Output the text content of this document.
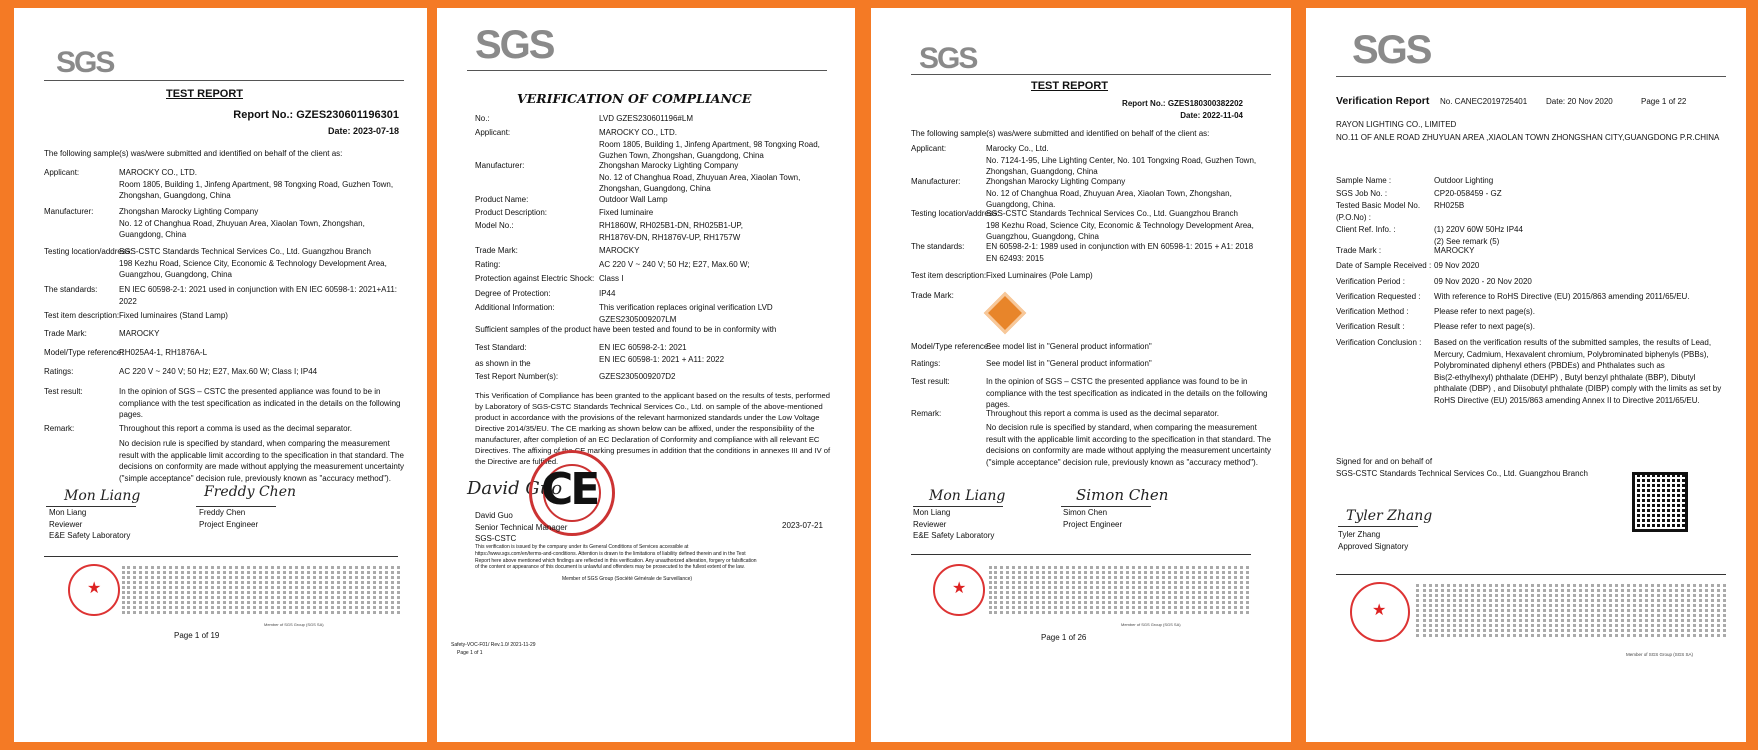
SGS
TEST REPORT
Report No.: GZES230601196301
Date: 2023-07-18
The following sample(s) was/were submitted and identified on behalf of the client as:
Applicant:	MAROCKY CO., LTD.
Room 1805, Building 1, Jinfeng Apartment, 98 Tongxing Road, Guzhen Town,
Zhongshan, Guangdong, China
Manufacturer:	Zhongshan Marocky Lighting Company
No. 12 of Changhua Road, Zhuyuan Area, Xiaolan Town, Zhongshan,
Guangdong, China
Testing location/address:
SGS-CSTC Standards Technical Services Co., Ltd. Guangzhou Branch
198 Kezhu Road, Science City, Economic & Technology Development Area,
Guangzhou, Guangdong, China
The standards:	EN IEC 60598-2-1: 2021 used in conjunction with EN IEC 60598-1: 2021+A11:
2022
Test item description: Fixed luminaires (Stand Lamp)
Trade Mark:	MAROCKY
Model/Type reference:
RH025A4-1, RH1876A-L
Ratings:	AC 220 V ~ 240 V; 50 Hz; E27, Max.60 W; Class I; IP44
Test result:	In the opinion of SGS – CSTC the presented appliance was found to be in
compliance with the test specification as indicated in the details on the following
pages.
Remark:	Throughout this report a comma is used as the decimal separator.
No decision rule is specified by standard, when comparing the measurement
result with the applicable limit according to the specification in that standard. The
decisions on conformity are made without applying the measurement uncertainty
("simple acceptance" decision rule, previously known as "accuracy method").
Mon Liang	Freddy Chen
Mon Liang
Reviewer
E&E Safety Laboratory
Freddy Chen
Project Engineer
★
Member of SGS Group (SGS SA)
Page 1 of 19
SGS
VERIFICATION OF COMPLIANCE
No.:	LVD GZES230601196#LM
Applicant:	MAROCKY CO., LTD.
Room 1805, Building 1, Jinfeng Apartment, 98 Tongxing Road,
Guzhen Town, Zhongshan, Guangdong, China
Manufacturer:	Zhongshan Marocky Lighting Company
No. 12 of Changhua Road, Zhuyuan Area, Xiaolan Town,
Zhongshan, Guangdong, China
Product Name:	Outdoor Wall Lamp
Product Description:	Fixed luminaire
Model No.:	RH1860W, RH025B1-DN, RH025B1-UP,
RH1876V-DN, RH1876V-UP, RH1757W
Trade Mark:	MAROCKY
Rating:	AC 220 V ~ 240 V; 50 Hz; E27, Max.60 W;
Protection against Electric Shock: Class I
Degree of Protection:	IP44
Additional Information:	This verification replaces original verification LVD
GZES2305009207LM
Sufficient samples of the product have been tested and found to be in conformity with
Test Standard:	EN IEC 60598-2-1: 2021
EN IEC 60598-1: 2021 + A11: 2022
as shown in the
Test Report Number(s):	GZES2305009207D2
This Verification of Compliance has been granted to the applicant based on the results of tests, performed
by Laboratory of SGS-CSTC Standards Technical Services Co., Ltd. on sample of the above-mentioned
product in accordance with the provisions of the relevant harmonized standards under the Low Voltage
Directive 2014/35/EU. The CE marking as shown below can be affixed, under the responsibility of the
manufacturer, after completion of an EC Declaration of Conformity and compliance with all relevant EC
Directives. The affixing of the CE marking presumes in addition that the conditions in annexes III and IV of
the Directive are fulfilled.
David Guo
CE
David Guo
Senior Technical Manager
SGS-CSTC
2023-07-21
This verification is issued by the company under its General Conditions of Services accessible at
https://www.sgs.com/en/terms-and-conditions. Attention is drawn to the limitations of liability defined therein and in the Test
Report here above mentioned which findings are reflected in this verification. Any unauthorized alteration, forgery or falsification
of the content or appearance of this document is unlawful and offenders may be prosecuted to the fullest extent of the law.
Member of SGS Group (Société Générale de Surveillance)
Safety-VOC-F01/ Rev.1.0/ 2021-11-29
Page 1 of 1
SGS
TEST REPORT
Report No.: GZES180300382202
Date: 2022-11-04
The following sample(s) was/were submitted and identified on behalf of the client as:
Applicant:	Marocky Co., Ltd.
No. 7124-1-95, Lihe Lighting Center, No. 101 Tongxing Road, Guzhen Town,
Zhongshan, Guangdong, China
Manufacturer:	Zhongshan Marocky Lighting Company
No. 12 of Changhua Road, Zhuyuan Area, Xiaolan Town, Zhongshan,
Guangdong, China.
Testing location/address:
SGS-CSTC Standards Technical Services Co., Ltd. Guangzhou Branch
198 Kezhu Road, Science City, Economic & Technology Development Area,
Guangzhou, Guangdong, China
The standards:	EN 60598-2-1: 1989 used in conjunction with EN 60598-1: 2015 + A1: 2018
EN 62493: 2015
Test item description: Fixed Luminaires (Pole Lamp)
Trade Mark:
Model/Type reference:
See model list in "General product information"
Ratings:	See model list in "General product information"
Test result:	In the opinion of SGS – CSTC the presented appliance was found to be in
compliance with the test specification as indicated in the details on the following
pages.
Remark:	Throughout this report a comma is used as the decimal separator.
No decision rule is specified by standard, when comparing the measurement
result with the applicable limit according to the specification in that standard. The
decisions on conformity are made without applying the measurement uncertainty
("simple acceptance" decision rule, previously known as "accuracy method").
Mon Liang	Simon Chen
Mon Liang
Reviewer
E&E Safety Laboratory
Simon Chen
Project Engineer
★
Member of SGS Group (SGS SA)
Page 1 of 26
SGS
Verification Report No. CANEC2019725401 Date: 20 Nov 2020	Page 1 of 22
RAYON LIGHTING CO., LIMITED
NO.11 OF ANLE ROAD ZHUYUAN AREA ,XIAOLAN TOWN ZHONGSHAN CITY,GUANGDONG P.R.CHINA
Sample Name :	Outdoor Lighting
SGS Job No. :	CP20-058459 - GZ
Tested Basic Model No.
(P.O.No) :
RH025B
Client Ref. Info. :	(1) 220V 60W 50Hz IP44
(2) See remark (5)
Trade Mark :	MAROCKY
Date of Sample Received : 09 Nov 2020
Verification Period :	09 Nov 2020 - 20 Nov 2020
Verification Requested :	With reference to RoHS Directive (EU) 2015/863 amending 2011/65/EU.
Verification Method :	Please refer to next page(s).
Verification Result :	Please refer to next page(s).
Verification Conclusion :	Based on the verification results of the submitted samples, the results of Lead,
Mercury, Cadmium, Hexavalent chromium, Polybrominated biphenyls (PBBs),
Polybrominated diphenyl ethers (PBDEs) and Phthalates such as
Bis(2-ethylhexyl) phthalate (DEHP) , Butyl benzyl phthalate (BBP), Dibutyl
phthalate (DBP) , and Diisobutyl phthalate (DIBP) comply with the limits as set by
RoHS Directive (EU) 2015/863 amending Annex II to Directive 2011/65/EU.
Signed for and on behalf of
SGS-CSTC Standards Technical Services Co., Ltd. Guangzhou Branch
Tyler Zhang
Tyler Zhang
Approved Signatory
★
Member of SGS Group (SGS SA)
